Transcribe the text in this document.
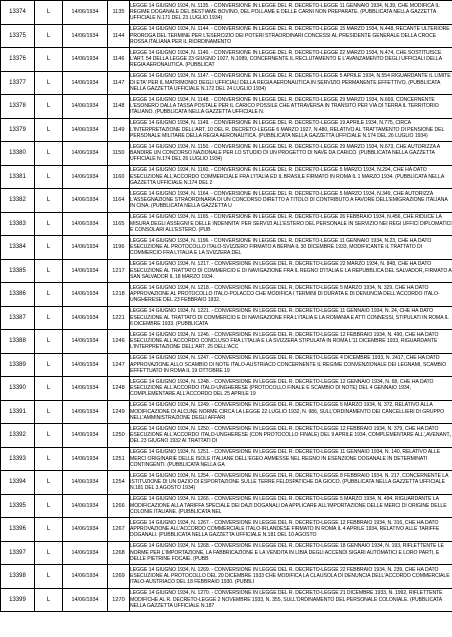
13374	L	14/06/1934	1135	LEGGE 14 GIUGNO 1934, N. 1135. - CONVERSIONE IN LEGGE DEL R. DECRETO-LEGGE 11 GENNAIO 1934, N.39, CHE MODIFICA IL REGIME DOGANALE DEL BESTIAME BOVINO, DEL POLLAME E DELLE CARNI NON PREPARATE. (PUBBLICATA NELLA GAZZETTA UFFICIALE N.171 DEL 23 LUGLIO 1934)

13375	L	14/06/1934	1144	LEGGE 14 GIUGNO 1934, N. 1144. - CONVERSIONE IN LEGGE DEL R. DECRETO-LEGGE 15 MARZO 1934, N.448, RECANTE ULTERIORE PROROGA DEL TERMINE PER L'ESERCIZIO DEI POTERI STRAORDINARI CONCESSI AL PRESIDENTE GENERALE DELLA CROCE ROSSA ITALIANA PER IL RIORDINAMENTO

13376	L	14/06/1934	1146	LEGGE 14 GIUGNO 1934, N. 1146. - CONVERSIONE IN LEGGE DEL R. DECRETO-LEGGE 22 MARZO 1934, N.474, CHE SOSTITUISCE L'ART. 54 DELLA LEGGE 23 GIUGNO 1927, N.1089, CONCERNENTE IL RECLUTAMENTO E L'AVANZAMENTO DEGLI UFFICIALI DELLA REGIA AERONAUTICA. (PUBBLICAT

13377	L	14/06/1934	1147	LEGGE 14 GIUGNO 1934, N. 1147. - CONVERSIONE IN LEGGE DEL R. DECRETO-LEGGE 5 APRILE 1934, N.554 RIGUARDANTE IL LIMITE DI ETA' PER IL MATRIMONIO DEGLI UFFICIALI DELLA REGIA AERONAUTICA IN SERVIZIO PERMANENTE EFFETTIVO. (PUBBLICATA NELLA GAZZETTA UFFICIALE N.172 DEL 24 LUGLIO 1934)

13378	L	14/06/1934	1148	LEGGE 14 GIUGNO 1934, N. 1148. - CONVERSIONE IN LEGGE DEL R. DECRETO-LEGGE 29 MARZO 1934, N.669, CONCERNENTE L'ESONERO DALLA TASSA POSTALE PER IL CARICO POSSILE CHE ATTRAVERSA IN TRANSITO PER VIA DI TERRA IL TERRITORIO ITALIANO. (PUBBLICATA NELLA GAZZETTA UFFICIALE N.

13379	L	14/06/1934	1149	LEGGE 14 GIUGNO 1934, N. 1149. - CONVERSIONE IN LEGGE DEL R. DECRETO-LEGGE 19 APRILE 1934, N.775, CIRCA L'INTERPRETAZIONE DELL'ART. 10 DEL R. DECRETO-LEGGE 6 MARZO 1927, N.480, RELATIVO AL TRATTAMENTO DI PENSIONE DEL PERSONALE MILITARE DELLA REGIA AERONAUTICA. (PUBBLICATA NELLA GAZZETTA UFFICIALE N.174 DEL 26 LUGLIO 1934)

13380	L	14/06/1934	1150	LEGGE 14 GIUGNO 1934, N. 1150. - CONVERSIONE IN LEGGE DEL R. DECRETO-LEGGE 29 MARZO 1934, N.673, CHE AUTORIZZA A BANDIRE UN CONCORSO NAZIONALE PER LO STUDIO DI UN PROGETTO DI NAVE DA CARICO. (PUBBLICATA NELLA GAZZETTA UFFICIALE N.174 DEL 26 LUGLIO 1934)

13381	L	14/06/1934	1160	LEGGE 14 GIUGNO 1934, N. 1160. - CONVERSIONE IN LEGGE DEL R. DECRETO-LEGGE 5 MARZO 1934, N.294, CHE HA DATO ESECUZIONE ALL'ACCORDO COMMERCIALE FRA L'ITALIA ED IL BRASILE FIRMATO IN ROMA IL 1 MARZO 1934. (PUBBLICATA NELLA GAZZETTA UFFICIALE N.174 DEL 2

13382	L	14/06/1934	1164	LEGGE 14 GIUGNO 1934, N. 1164. - CONVERSIONE IN LEGGE DEL R. DECRETO-LEGGE 5 MARZO 1934, N.349, CHE AUTORIZZA L'ASSEGNAZIONE STRAORDINARIA DI UN CONCORSO DIRETTO A TITOLO DI CONTRIBUTO A FAVORE DELL'EMIGRAZIONE ITALIANA IN CINA. (PUBBLICATA NELLA GAZZETTA U

13383	L	14/06/1934	1165	LEGGE 14 GIUGNO 1934, N. 1165. - CONVERSIONE IN LEGGE DEL R. DECRETO-LEGGE 26 FEBBRAIO 1934, N.456, CHE RIDUCE LA MISURA DEGLI ASSEGNI E DELLE INDENNITA' PER SERVIZI ALL'ESTERO DEL PERSONALE IN SERVIZIO NEI REGI UFFICI DIPLOMATICI E CONSOLARI ALL'ESTERO. (PUB

13384	L	14/06/1934	1196	LEGGE 14 GIUGNO 1934, N. 1196. - CONVERSIONE IN LEGGE DEL R. DECRETO-LEGGE 11 GENNAIO 1934, N.23, CHE HA DATO ESECUZIONE AL PROTOCOLLO ITALO-SVIZZERO FIRMATO A BERNA IL 30 DICEMBRE 1933, MODIFICANTE IL TRATTATO DI COMMERCIO FRA L'ITALIA E LA SVIZZERA DEL

13385	L	14/06/1934	1217	LEGGE 14 GIUGNO 1934, N. 1217. - CONVERSIONE IN LEGGE DEL R. DECRETO-LEGGE 22 MARZO 1934, N. 848, CHE HA DATO ESECUZIONE AL TRATTATO DI COMMERCIO E DI NAVIGAZIONE FRA IL REGNO D'ITALIA E LA REPUBBLICA DEL SALVADOR, FIRMATO A SAN SALVADOR IL 18 MARZO 1934.

13386	L	14/06/1934	1218	LEGGE 14 GIUGNO 1934, N. 1218. - CONVERSIONE IN LEGGE DEL R. DECRETO-LEGGE 5 MARZO 1934, N. 329, CHE HA DATO APPROVAZIONE AL PROTOCOLLO ITALO-POLACCO CHE MODIFICA I TERMINI DI DURATA E DI DENUNCIA DELL'ACCORDO ITALO-UNGHERESE DEL 23 FEBBRAIO 1932.

13387	L	14/06/1934	1221	LEGGE 14 GIUGNO 1934, N. 1221. - CONVERSIONE IN LEGGE DEL R. DECRETO-LEGGE 11 GENNAIO 1934, N. 24, CHE HA DATO ESECUZIONE AL TRATTATO DI COMMERCIO E DI NAVIGAZIONE FRA L'ITALIA E LA ROMANIA E ATTI CONNESSI, STIPULATI IN ROMA IL 6 DICEMBRE 1933. (PUBBLICATA

13388	L	14/06/1934	1246	LEGGE 14 GIUGNO 1934, N. 1246. - CONVERSIONE IN LEGGE DEL R. DECRETO-LEGGE 12 FEBBRAIO 1934, N. 490, CHE HA DATO ESECUZIONE ALL'ACCORDO CONCLUSO FRA L'ITALIA E LA SVIZZERA STIPULATA IN ROMA L'11 DICEMBRE 1933, RIGUARDANTE L'INTERPRETAZIONE DELL'ART. 25 DELL'ACC

13389	L	14/06/1934	1247	LEGGE 14 GIUGNO 1934, N. 1247. - CONVERSIONE IN LEGGE DEL R. DECRETO-LEGGE 4 DICEMBRE 1933, N. 2417, CHE HA DATO APPROVAZIONE ALLO SCAMBIO DI NOTE ITALO-AUSTRIACO CONCERNENTE IL REGIME CONVENZIONALE DEI LEGNAMI, SCAMBIO EFFETTUATO IN ROMA IL 19 OTTOBRE 19

13390	L	14/06/1934	1248	LEGGE 14 GIUGNO 1934, N. 1248. - CONVERSIONE IN LEGGE DEL R. DECRETO-LEGGE 12 GENNAIO 1934, N. 68, CHE HA DATO ESECUZIONE ALL'ACCORDO ITALO-UNGHERESE (PROTOCOLLO FINALE E SCAMBIO DI NOTE) DEL 4 GENNAIO 1934, COMPLEMENTARE ALL'ACCORDO DEL 25 APRILE 19

13391	L	14/06/1934	1249	LEGGE 14 GIUGNO 1934, N. 1249. - CONVERSIONE IN LEGGE DEL R. DECRETO-LEGGE 5 MARZO 1934, N. 372, RELATIVO ALLA MODIFICAZIONE DI ALCUNE NORME CIRCA LA LEGGE 22 LUGLIO 1932, N. 986, SULL'ORDINAMENTO DEI CANCELLIERI DI GRUPPO NELL'AMMINISTRAZIONE DEGLI AFFARI

13392	L	14/06/1934	1250	LEGGE 14 GIUGNO 1934, N. 1250. - CONVERSIONE IN LEGGE DEL R. DECRETO-LEGGE 12 FEBBRAIO 1934, N. 379, CHE HA DATO ESECUZIONE ALL'ACCORDO ITALO-UNGHERESE (CON PROTOCOLLO FINALE) DEL 9 APRILE 1934, COMPLEMENTARE ALL'„AVENANT„ DEL 23 GIUGNO 1932 AI TRATTATI DI

13393	L	14/06/1934	1251	LEGGE 14 GIUGNO 1934, N. 1251. - CONVERSIONE IN LEGGE DEL R. DECRETO-LEGGE 11 GENNAIO 1934, N. 140, RELATIVO ALLE MERCI ORIGINARIE DELLE ISOLE ITALIANE DELL'EGEO AMMESSE NEL REGNO IN ESENZIONE DOGANALE IN DETERMINATI CONTINGENTI. (PUBBLICATA NELLA GA

13394	L	14/06/1934	1254	LEGGE 14 GIUGNO 1934, N. 1254. - CONVERSIONE IN LEGGE DEL R. DECRETO-LEGGE 8 FEBBRAIO 1934, N. 217, CONCERNENTE LA ISTITUZIONE DI UN DAZIO DI ESPORTAZIONE SULLE TERRE FELDSPATICHE DA GIOCO. (PUBBLICATA NELLA GAZZETTA UFFICIALE N.181 DEL 3 AGOSTO 1934)

13395	L	14/06/1934	1266	LEGGE 14 GIUGNO 1934, N. 1266. - CONVERSIONE IN LEGGE DEL R. DECRETO-LEGGE 5 MARZO 1934, N. 494, RIGUARDANTE LA MODIFICAZIONE ALLA TARIFFA SPECIALE DEI DAZI DOGANALI DA APPLICARE ALL'IMPORTAZIONE DELLE MERCI DI ORIGINE DELLE COLONIE ITALIANE. (PUBBLICATA NEL

13396	L	14/06/1934	1267	LEGGE 14 GIUGNO 1934, N. 1267. - CONVERSIONE IN LEGGE DEL R. DECRETO-LEGGE 12 FEBBRAIO 1934, N. 316, CHE HA DATO APPROVAZIONE ALL'ACCORDO COMMERCIALE ITALO-IRLANDESE FIRMATO IN ROMA IL 4 APRILE 1934, RELATIVO ALLE TARIFFE DOGANALI. (PUBBLICATA NELLA GAZZETTA UFFICIALE N.181 DEL 10 AGOSTO

13397	L	14/06/1934	1268	LEGGE 14 GIUGNO 1934, N. 1268. - CONVERSIONE IN LEGGE DEL R. DECRETO-LEGGE 18 GENNAIO 1934, N. 193, RIFLETTENTE LE NORME PER L'IMPORTAZIONE, LA FABBRICAZIONE E LA VENDITA IN LIBIA DEGLI ACCENDI SIGARI AUTOMATICI E LORO PARTI, E DELLE PIETRINE FOCAIE. (PUBB

13398	L	14/06/1934	1269	LEGGE 14 GIUGNO 1934, N. 1269. - CONVERSIONE IN LEGGE DEL R. DECRETO-LEGGE 22 FEBBRAIO 1934, N. 239, CHE HA DATO ESECUZIONE AL PROTOCOLLO DEL 20 DICEMBRE 1933 CHE MODIFICA LA CLAUSOLA DI DENUNCIA DELL'ACCORDO COMMERCIALE ITALO-AUSTRIACO DEL 18 FEBBRAIO 1930. (PUBBLI

13399	L	14/06/1934	1270	LEGGE 14 GIUGNO 1934, N. 1270. - CONVERSIONE IN LEGGE DEL R. DECRETO-LEGGE 21 DICEMBRE 1933, N. 1992, RIFLETTENTE MODIFICHE AL R. DECRETO-LEGGE 2 NOVEMBRE 1933, N. 355, SULL'ORDINAMENTO DEL PERSONALE COLONIALE. (PUBBLICATA NELLA GAZZETTA UFFICIALE N.187
